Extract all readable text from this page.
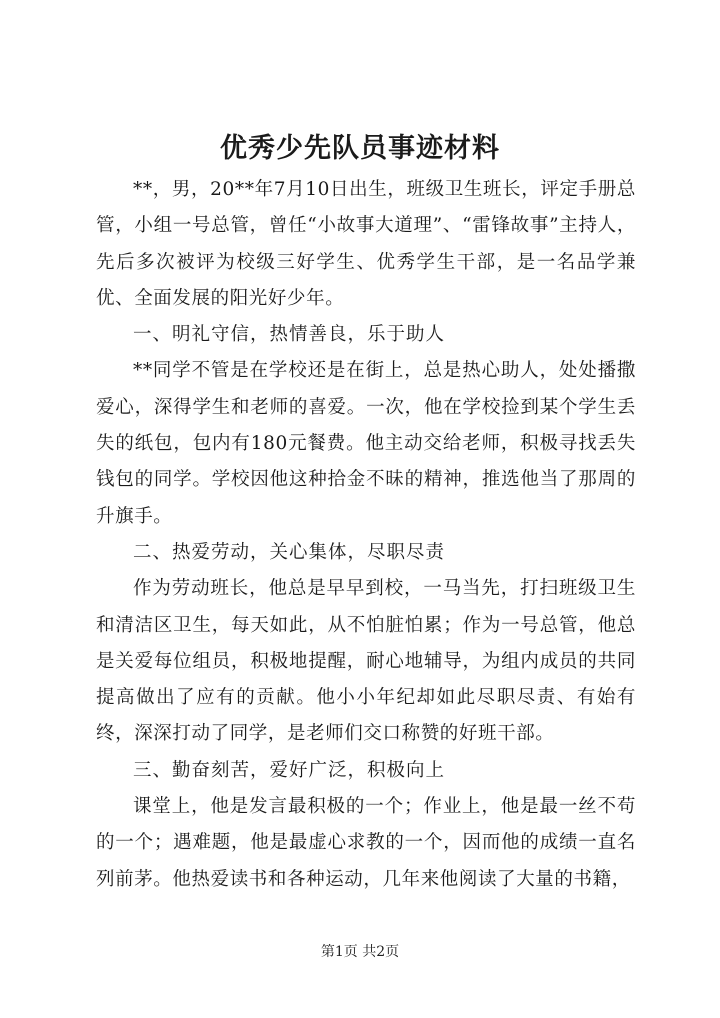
优秀少先队员事迹材料

**，男，20**年7月10日出生，班级卫生班长，评定手册总管，小组一号总管，曾任“小故事大道理”、“雷锋故事”主持人，先后多次被评为校级三好学生、优秀学生干部，是一名品学兼优、全面发展的阳光好少年。

一、明礼守信，热情善良，乐于助人

**同学不管是在学校还是在街上，总是热心助人，处处播撒爱心，深得学生和老师的喜爱。一次，他在学校捡到某个学生丢失的纸包，包内有180元餐费。他主动交给老师，积极寻找丢失钱包的同学。学校因他这种拾金不昧的精神，推选他当了那周的升旗手。

二、热爱劳动，关心集体，尽职尽责

作为劳动班长，他总是早早到校，一马当先，打扫班级卫生和清洁区卫生，每天如此，从不怕脏怕累；作为一号总管，他总是关爱每位组员，积极地提醒，耐心地辅导，为组内成员的共同提高做出了应有的贡献。他小小年纪却如此尽职尽责、有始有终，深深打动了同学，是老师们交口称赞的好班干部。

三、勤奋刻苦，爱好广泛，积极向上

课堂上，他是发言最积极的一个；作业上，他是最一丝不苟的一个；遇难题，他是最虚心求教的一个，因而他的成绩一直名列前茅。他热爱读书和各种运动，几年来他阅读了大量的书籍，

第1页 共2页
